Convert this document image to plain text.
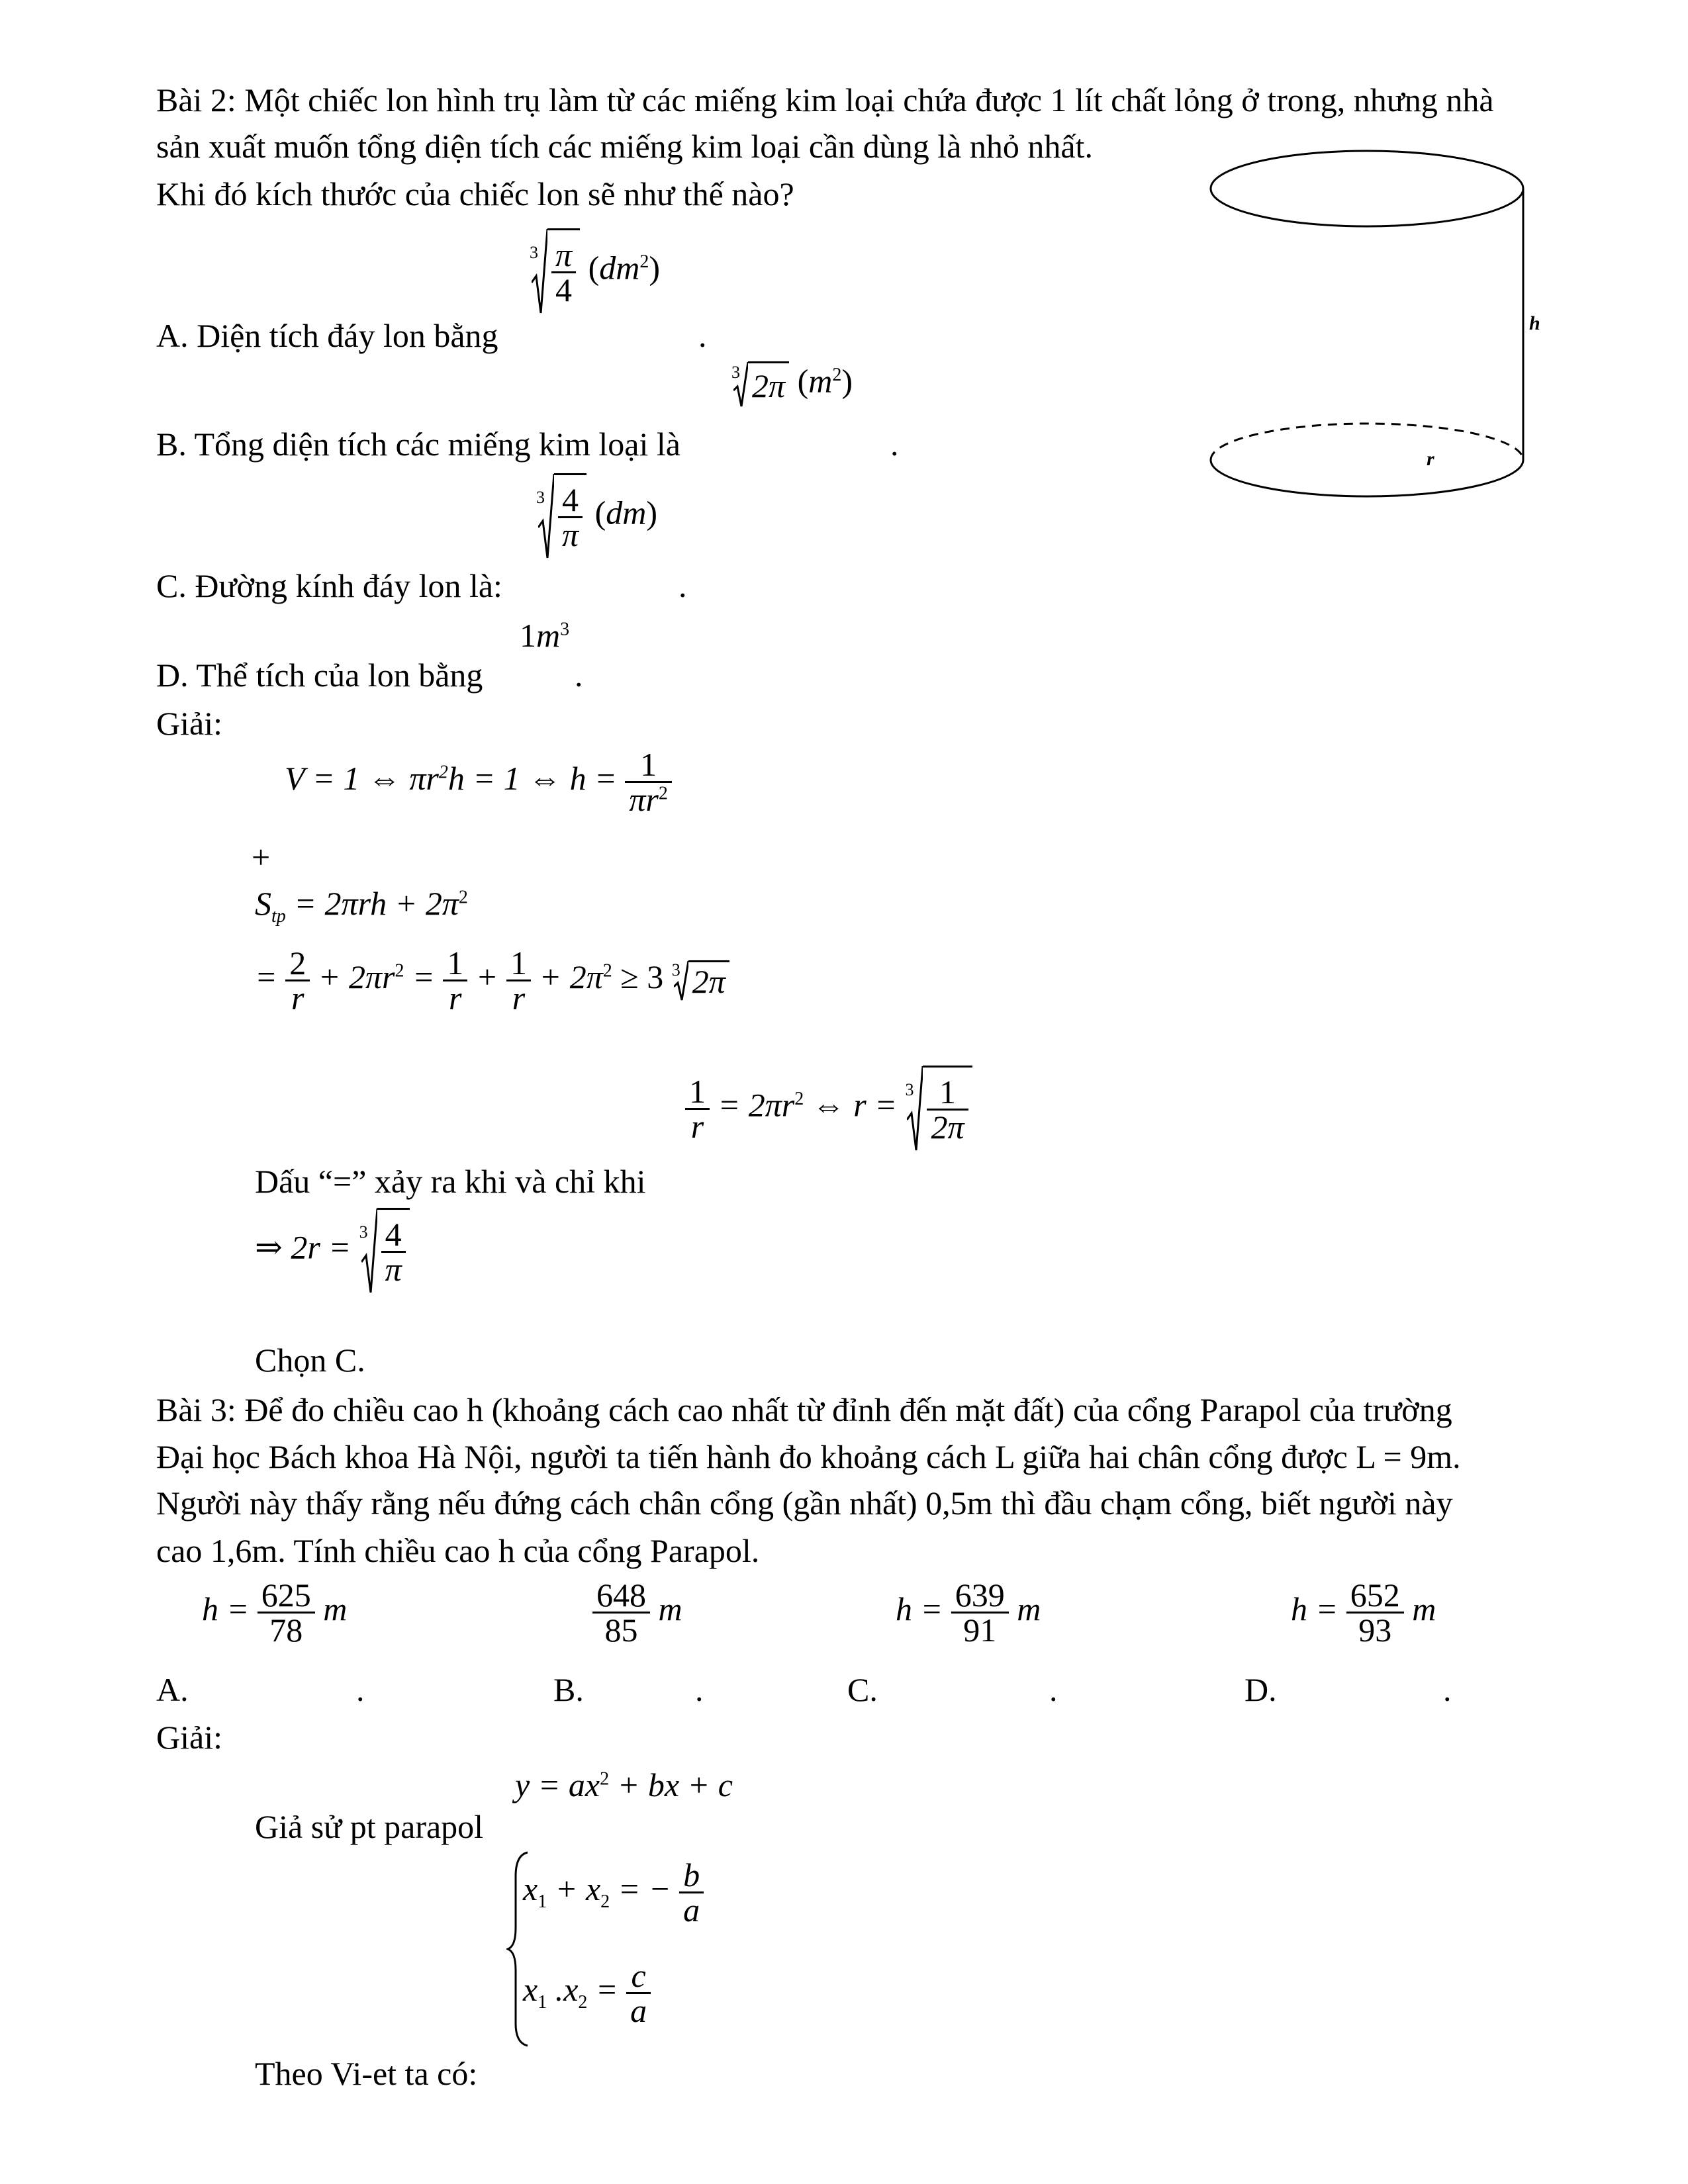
Bài 2: Một chiếc lon hình trụ làm từ các miếng kim loại chứa được 1 lít chất lỏng ở trong, nhưng nhà
sản xuất muốn tổng diện tích các miếng kim loại cần dùng là nhỏ nhất.
Khi đó kích thước của chiếc lon sẽ như thế nào?
$3 \frac{\pi}{4} (dm^2)$
A. Diện tích đáy lon bằng	.
3 2π $(m^2)$
B. Tổng diện tích các miếng kim loại là	.
$3 \frac{4}{\pi} (dm)$
C. Đường kính đáy lon là:	.
$1m^3$
D. Thể tích của lon bằng	.
Giải:
V = 1 ⇔ $\pi r^2h = 1$ ⇔ $h = \frac{1}{\pi r^2}$
+
$S_{tp} = 2\pi rh + 2\pi^2$
= $\frac{2}{r} + 2\pi r^2 = \frac{1}{r} + \frac{1}{r} + 2\pi^2 \ge 3$ 3 2π
$\frac{1}{r} = 2\pi r^2$ ⇔ $r = 3 \frac{1}{2\pi}$
Dấu “=” xảy ra khi và chỉ khi
⇒ $2r = 3 \frac{4}{\pi}$
Chọn C.
h
r
Bài 3: Để đo chiều cao h (khoảng cách cao nhất từ đỉnh đến mặt đất) của cổng Parapol của trường
Đại học Bách khoa Hà Nội, người ta tiến hành đo khoảng cách L giữa hai chân cổng được L = 9m.
Người này thấy rằng nếu đứng cách chân cổng (gần nhất) 0,5m thì đầu chạm cổng, biết người này
cao 1,6m. Tính chiều cao h của cổng Parapol.
$h = \frac{625}{78}$ m	$\frac{648}{85}$ m	$h = \frac{639}{91}$ m	$h = \frac{652}{93}$ m
A.	.	B.	.	C.	.	D.	.
Giải:
$y = ax^2$ + bx + c
Giả sử pt parapol
$x_1 + x_2$ = − $\frac{b}{a}$
$x_1$ $.x_2 = \frac{c}{a}$
Theo Vi-et ta có:
